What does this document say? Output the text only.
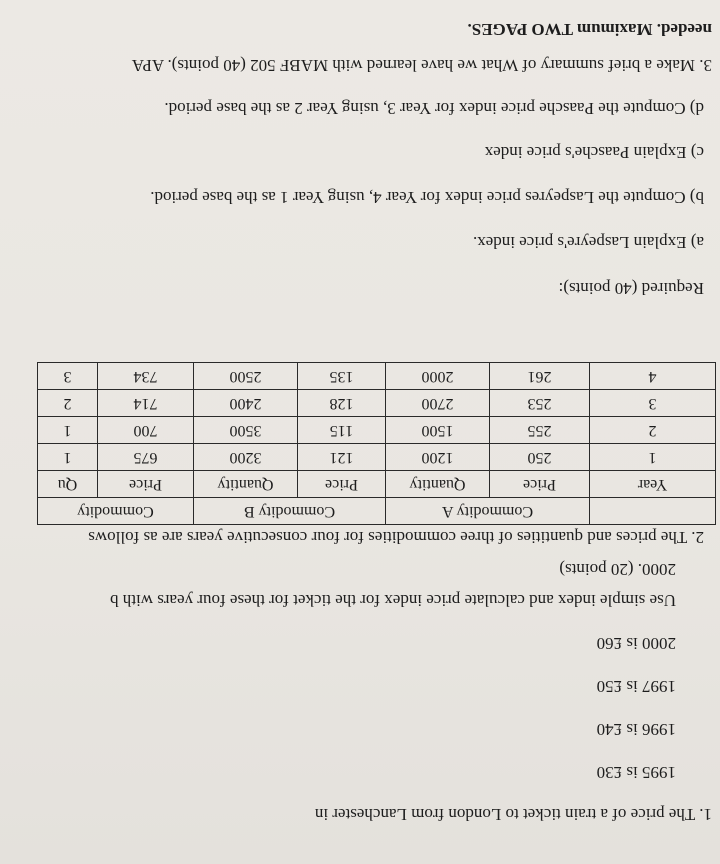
1. The price of a train ticket to London from Lanchester in
1995 is £30
1996 is £40
1997 is £50
2000 is £60
Use simple index and calculate price index for the ticket for these four years with b
2000. (20 points)
2. The prices and quantities of three commodities for four consecutive years are as follows
	Commodity A		Commodity B		Commodity	
Year	Price	Quantity	Price	Quantity	Price	Qu
1	250	1200	121	3200	675	1
2	255	1500	115	3500	700	1
3	253	2700	128	2400	714	2
4	261	2000	135	2500	734	3
Required (40 points):
a) Explain Laspeyre's price index.
b) Compute the Laspeyres price index for Year 4, using Year 1 as the base period.
c) Explain Paasche's price index
d) Compute the Paasche price index for Year 3, using Year 2 as the base period.
3. Make a brief summary of What we have learned with MABF 502 (40 points). APA
needed. Maximum TWO PAGES.
